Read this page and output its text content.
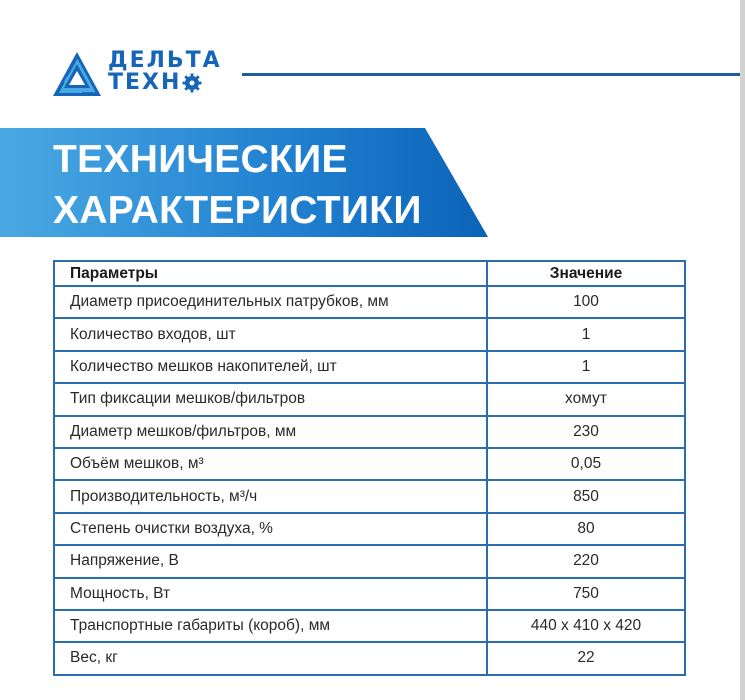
ДЕЛЬТА
ТЕХН
ТЕХНИЧЕСКИЕ
ХАРАКТЕРИСТИКИ
Параметры	Значение
Диаметр присоединительных патрубков, мм	100
Количество входов, шт	1
Количество мешков накопителей, шт	1
Тип фиксации мешков/фильтров	хомут
Диаметр мешков/фильтров, мм	230
Объём мешков, м³	0,05
Производительность, м³/ч	850
Степень очистки воздуха, %	80
Напряжение, В	220
Мощность, Вт	750
Транспортные габариты (короб), мм	440 x 410 x 420
Вес, кг	22
